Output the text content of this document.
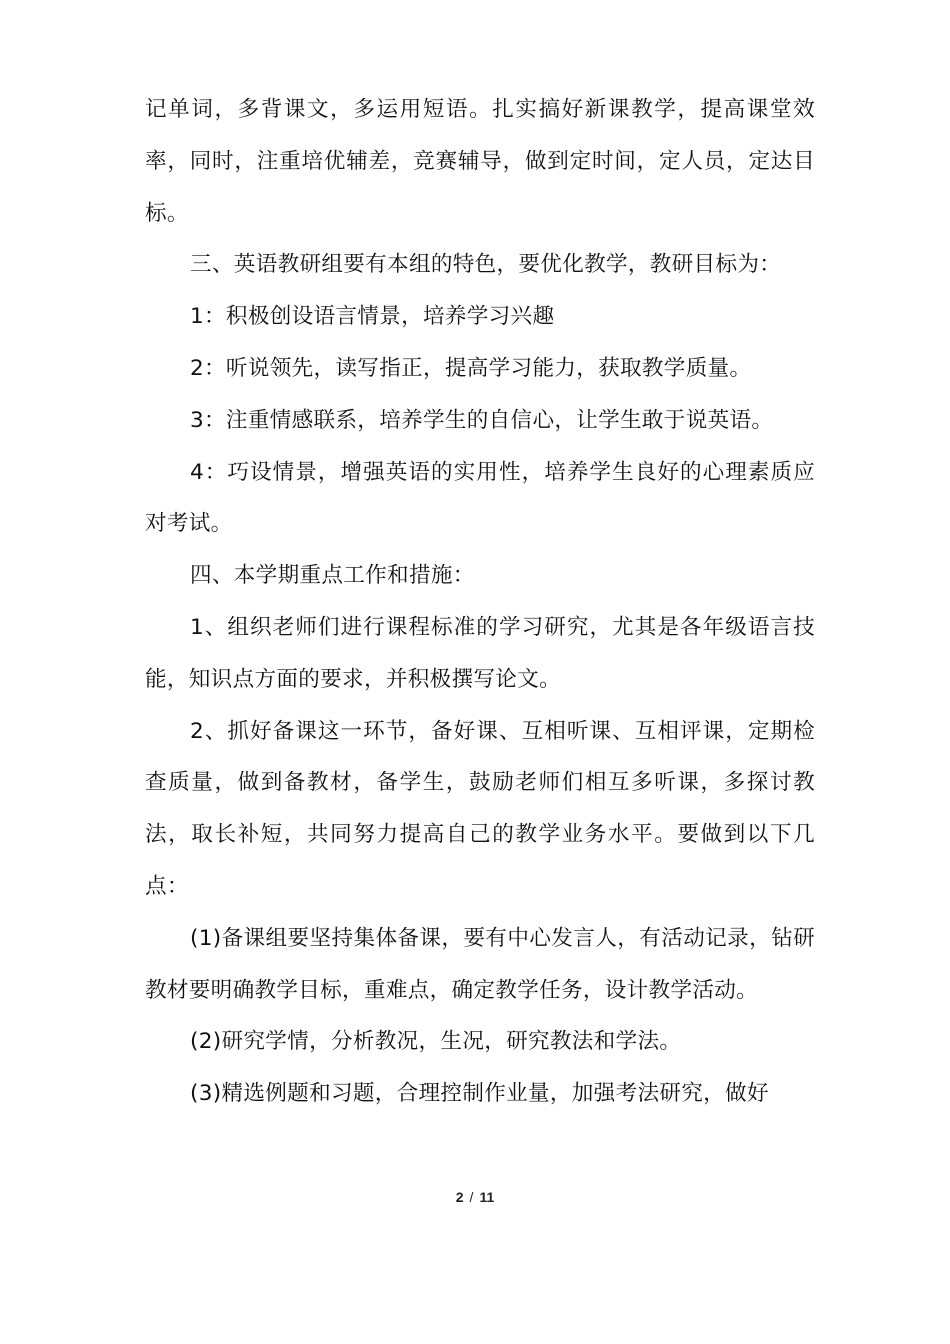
记单词，多背课文，多运用短语。扎实搞好新课教学，提高课堂效率，同时，注重培优辅差，竞赛辅导，做到定时间，定人员，定达目标。

三、英语教研组要有本组的特色，要优化教学，教研目标为：

1：积极创设语言情景，培养学习兴趣

2：听说领先，读写指正，提高学习能力，获取教学质量。

3：注重情感联系，培养学生的自信心，让学生敢于说英语。

4：巧设情景，增强英语的实用性，培养学生良好的心理素质应对考试。

四、本学期重点工作和措施：

1、组织老师们进行课程标准的学习研究，尤其是各年级语言技能，知识点方面的要求，并积极撰写论文。

2、抓好备课这一环节，备好课、互相听课、互相评课，定期检查质量，做到备教材，备学生，鼓励老师们相互多听课，多探讨教法，取长补短，共同努力提高自己的教学业务水平。要做到以下几点：

(1)备课组要坚持集体备课，要有中心发言人，有活动记录，钻研教材要明确教学目标，重难点，确定教学任务，设计教学活动。

(2)研究学情，分析教况，生况，研究教法和学法。

(3)精选例题和习题，合理控制作业量，加强考法研究，做好

2 / 11
